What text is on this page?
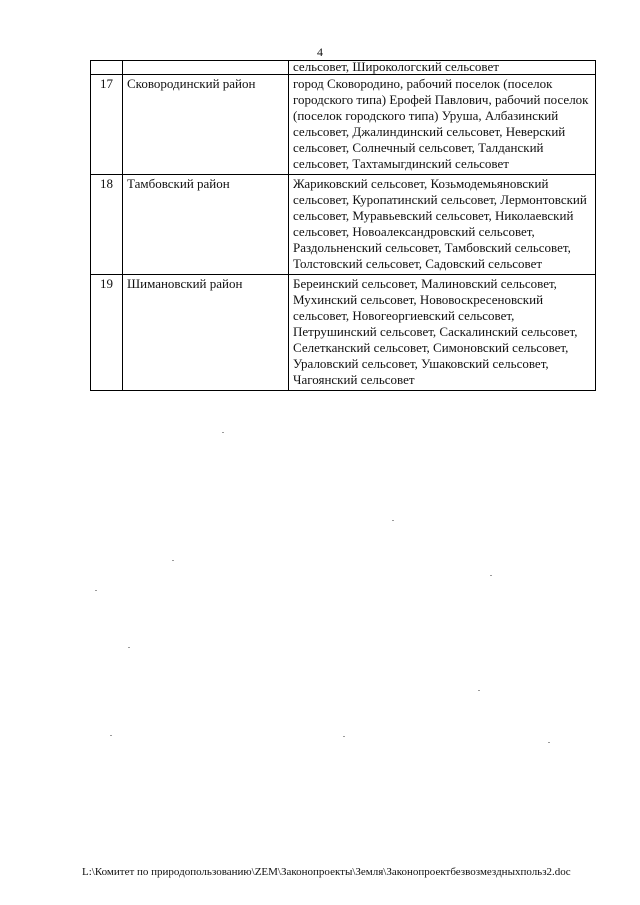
4
		сельсовет, Широкологский сельсовет
17	Сковородинский район	город Сковородино, рабочий поселок (поселок городского типа) Ерофей Павлович, рабочий поселок (поселок городского типа) Уруша, Албазинский сельсовет, Джалиндинский сельсовет, Неверский сельсовет, Солнечный сельсовет, Талданский сельсовет, Тахтамыгдинский сельсовет
18	Тамбовский район	Жариковский сельсовет, Козьмодемьяновский сельсовет, Куропатинский сельсовет, Лермонтовский сельсовет, Муравьевский сельсовет, Николаевский сельсовет, Новоалександровский сельсовет, Раздольненский сельсовет, Тамбовский сельсовет, Толстовский сельсовет, Садовский сельсовет
19	Шимановский район	Береинский сельсовет, Малиновский сельсовет, Мухинский сельсовет, Нововоскресеновский сельсовет, Новогеоргиевский сельсовет, Петрушинский сельсовет, Саскалинский сельсовет, Селетканский сельсовет, Симоновский сельсовет, Ураловский сельсовет, Ушаковский сельсовет, Чагоянский сельсовет
L:\Комитет по природопользованию\ZEM\Законопроекты\Земля\Законопроектбезвозмездныхпольз2.doc
